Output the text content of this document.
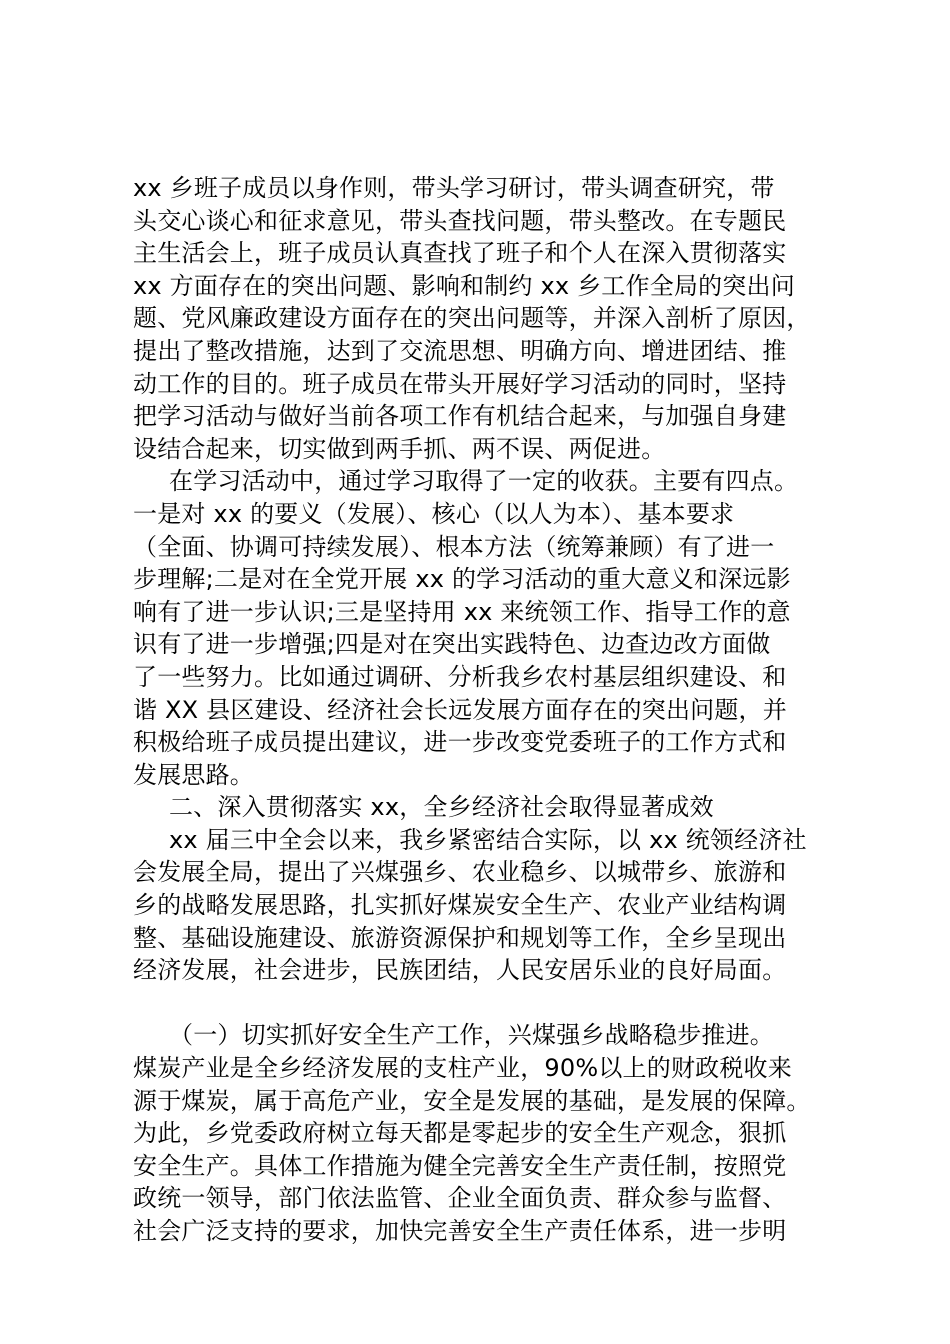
xx 乡班子成员以身作则，带头学习研讨，带头调查研究，带
头交心谈心和征求意见，带头查找问题，带头整改。在专题民
主生活会上，班子成员认真查找了班子和个人在深入贯彻落实
xx 方面存在的突出问题、影响和制约 xx 乡工作全局的突出问
题、党风廉政建设方面存在的突出问题等，并深入剖析了原因，
提出了整改措施，达到了交流思想、明确方向、增进团结、推
动工作的目的。班子成员在带头开展好学习活动的同时，坚持
把学习活动与做好当前各项工作有机结合起来，与加强自身建
设结合起来，切实做到两手抓、两不误、两促进。
在学习活动中，通过学习取得了一定的收获。主要有四点。
一是对 xx 的要义（发展）、核心（以人为本）、基本要求
（全面、协调可持续发展）、根本方法（统筹兼顾）有了进一
步理解;二是对在全党开展 xx 的学习活动的重大意义和深远影
响有了进一步认识;三是坚持用 xx 来统领工作、指导工作的意
识有了进一步增强;四是对在突出实践特色、边查边改方面做
了一些努力。比如通过调研、分析我乡农村基层组织建设、和
谐 XX 县区建设、经济社会长远发展方面存在的突出问题，并
积极给班子成员提出建议，进一步改变党委班子的工作方式和
发展思路。
二、深入贯彻落实 xx，全乡经济社会取得显著成效
xx 届三中全会以来，我乡紧密结合实际，以 xx 统领经济社
会发展全局，提出了兴煤强乡、农业稳乡、以城带乡、旅游和
乡的战略发展思路，扎实抓好煤炭安全生产、农业产业结构调
整、基础设施建设、旅游资源保护和规划等工作，全乡呈现出
经济发展，社会进步，民族团结，人民安居乐业的良好局面。
（一）切实抓好安全生产工作，兴煤强乡战略稳步推进。
煤炭产业是全乡经济发展的支柱产业，90%以上的财政税收来
源于煤炭，属于高危产业，安全是发展的基础，是发展的保障。
为此，乡党委政府树立每天都是零起步的安全生产观念，狠抓
安全生产。具体工作措施为健全完善安全生产责任制，按照党
政统一领导，部门依法监管、企业全面负责、群众参与监督、
社会广泛支持的要求，加快完善安全生产责任体系，进一步明
